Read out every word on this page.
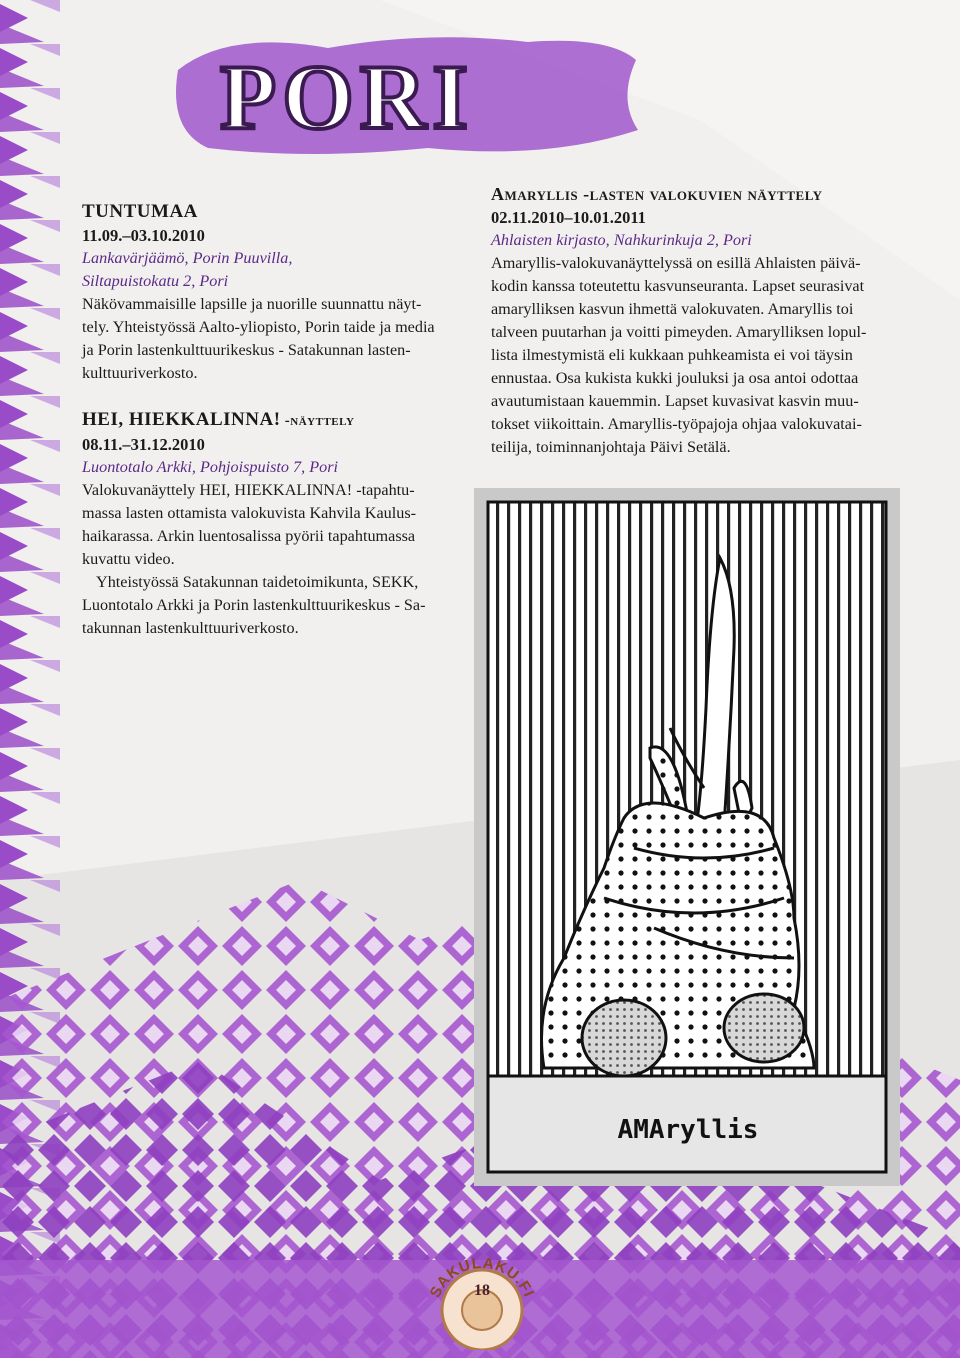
PORI
TUNTUMAA
11.09.–03.10.2010
Lankavärjäämö, Porin Puuvilla,
Siltapuistokatu 2, Pori
Näkövammaisille lapsille ja nuorille suunnattu näyt-
tely. Yhteistyössä Aalto-yliopisto, Porin taide ja media
ja Porin lastenkulttuurikeskus - Satakunnan lasten-
kulttuuriverkosto.
HEI, HIEKKALINNA! -näyttely
08.11.–31.12.2010
Luontotalo Arkki, Pohjoispuisto 7, Pori
Valokuvanäyttely HEI, HIEKKALINNA! -tapahtu-
massa lasten ottamista valokuvista Kahvila Kaulus-
haikarassa. Arkin luentosalissa pyörii tapahtumassa
kuvattu video.
Yhteistyössä Satakunnan taidetoimikunta, SEKK,
Luontotalo Arkki ja Porin lastenkulttuurikeskus - Sa-
takunnan lastenkulttuuriverkosto.
Amaryllis -lasten valokuvien näyttely
02.11.2010–10.01.2011
Ahlaisten kirjasto, Nahkurinkuja 2, Pori
Amaryllis-valokuvanäyttelyssä on esillä Ahlaisten päivä-
kodin kanssa toteutettu kasvunseuranta. Lapset seurasivat
amarylliksen kasvun ihmettä valokuvaten. Amaryllis toi
talveen puutarhan ja voitti pimeyden. Amarylliksen lopul-
lista ilmestymistä eli kukkaan puhkeamista ei voi täysin
ennustaa. Osa kukista kukki jouluksi ja osa antoi odottaa
avautumistaan kauemmin. Lapset kuvasivat kasvin muu-
tokset viikoittain. Amaryllis-työpajoja ohjaa valokuvatai-
teilija, toiminnanjohtaja Päivi Setälä.
AMAryllis
SAKULAKU.FI
18
